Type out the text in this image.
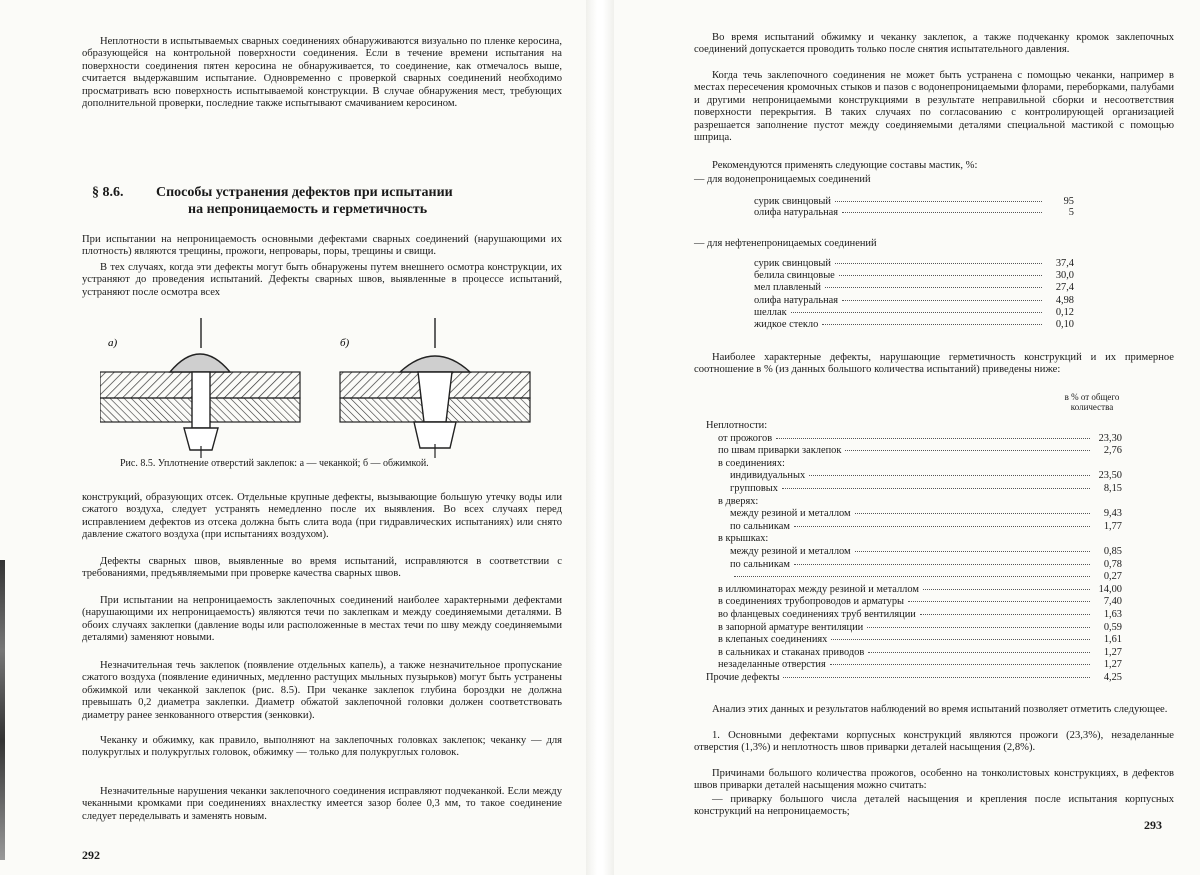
Неплотности в испытываемых сварных соединениях обнаруживаются визуально по пленке керосина, образующейся на контрольной поверхности соединения. Если в течение времени испытания на поверхности соединения пятен керосина не обнаруживается, то соединение, как отмечалось выше, считается выдержавшим испытание. Одновременно с проверкой сварных соединений необходимо просматривать всю поверхность испытываемой конструкции. В случае обнаружения мест, требующих дополнительной проверки, последние также испытывают смачиванием керосином.

§ 8.6. Способы устранения дефектов при испытании
на непроницаемость и герметичность

При испытании на непроницаемость основными дефектами сварных соединений (нарушающими их плотность) являются трещины, прожоги, непровары, поры, трещины и свищи.

В тех случаях, когда эти дефекты могут быть обнаружены путем внешнего осмотра конструкции, их устраняют до проведения испытаний. Дефекты сварных швов, выявленные в процессе испытаний, устраняют после осмотра всех

а)	б)
Рис. 8.5. Уплотнение отверстий заклепок: а — чеканкой; б — обжимкой.

конструкций, образующих отсек. Отдельные крупные дефекты, вызывающие большую утечку воды или сжатого воздуха, следует устранять немедленно после их выявления. Во всех случаях перед исправлением дефектов из отсека должна быть слита вода (при гидравлических испытаниях) или снято давление сжатого воздуха (при испытаниях воздухом).

Дефекты сварных швов, выявленные во время испытаний, исправляются в соответствии с требованиями, предъявляемыми при проверке качества сварных швов.

При испытании на непроницаемость заклепочных соединений наиболее характерными дефектами (нарушающими их непроницаемость) являются течи по заклепкам и между соединяемыми деталями. В обоих случаях заклепки (давление воды или расположенные в местах течи по шву между соединяемыми деталями) заменяют новыми.

Незначительная течь заклепок (появление отдельных капель), а также незначительное пропускание сжатого воздуха (появление единичных, медленно растущих мыльных пузырьков) могут быть устранены обжимкой или чеканкой заклепок (рис. 8.5). При чеканке заклепок глубина бороздки не должна превышать 0,2 диаметра заклепки. Диаметр обжатой заклепочной головки должен соответствовать диаметру ранее зенкованного отверстия (зенковки).

Чеканку и обжимку, как правило, выполняют на заклепочных головках заклепок; чеканку — для полукруглых и полукруглых головок, обжимку — только для полукруглых головок.

Незначительные нарушения чеканки заклепочного соединения исправляют подчеканкой. Если между чеканными кромками при соединениях внахлестку имеется зазор более 0,3 мм, то такое соединение следует переделывать и заменять новым.

292

Во время испытаний обжимку и чеканку заклепок, а также подчеканку кромок заклепочных соединений допускается проводить только после снятия испытательного давления.

Когда течь заклепочного соединения не может быть устранена с помощью чеканки, например в местах пересечения кромочных стыков и пазов с водонепроницаемыми флорами, переборками, палубами и другими непроницаемыми конструкциями в результате неправильной сборки и несоответствия поверхности перекрытия. В таких случаях по согласованию с контролирующей организацией разрешается заполнение пустот между соединяемыми деталями специальной мастикой с помощью шприца.

Рекомендуются применять следующие составы мастик, %:

— для водонепроницаемых соединений
сурик свинцовый	95
олифа натуральная	5
— для нефтенепроницаемых соединений
сурик свинцовый	37,4
белила свинцовые	30,0
мел плавленый	27,4
олифа натуральная	4,98
шеллак	0,12
жидкое стекло	0,10

Наиболее характерные дефекты, нарушающие герметичность конструкций и их примерное соотношение в % (из данных большого количества испытаний) приведены ниже:

в % от общего количества
Неплотности:
от прожогов	23,30
по швам приварки заклепок	2,76
в соединениях:
индивидуальных	23,50
групповых	8,15
в дверях:
между резиной и металлом	9,43
по сальникам	1,77
в крышках:
между резиной и металлом	0,85
по сальникам	0,78
0,27
в иллюминаторах между резиной и металлом	14,00
в соединениях трубопроводов и арматуры	7,40
во фланцевых соединениях труб вентиляции	1,63
в запорной арматуре вентиляции	0,59
в клепаных соединениях	1,61
в сальниках и стаканах приводов	1,27
незаделанные отверстия	1,27
Прочие дефекты	4,25

Анализ этих данных и результатов наблюдений во время испытаний позволяет отметить следующее.

1. Основными дефектами корпусных конструкций являются прожоги (23,3%), незаделанные отверстия (1,3%) и неплотность швов приварки деталей насыщения (2,8%).

Причинами большого количества прожогов, особенно на тонколистовых конструкциях, в дефектов швов приварки деталей насыщения можно считать:

— приварку большого числа деталей насыщения и крепления после испытания корпусных конструкций на непроницаемость;

293
